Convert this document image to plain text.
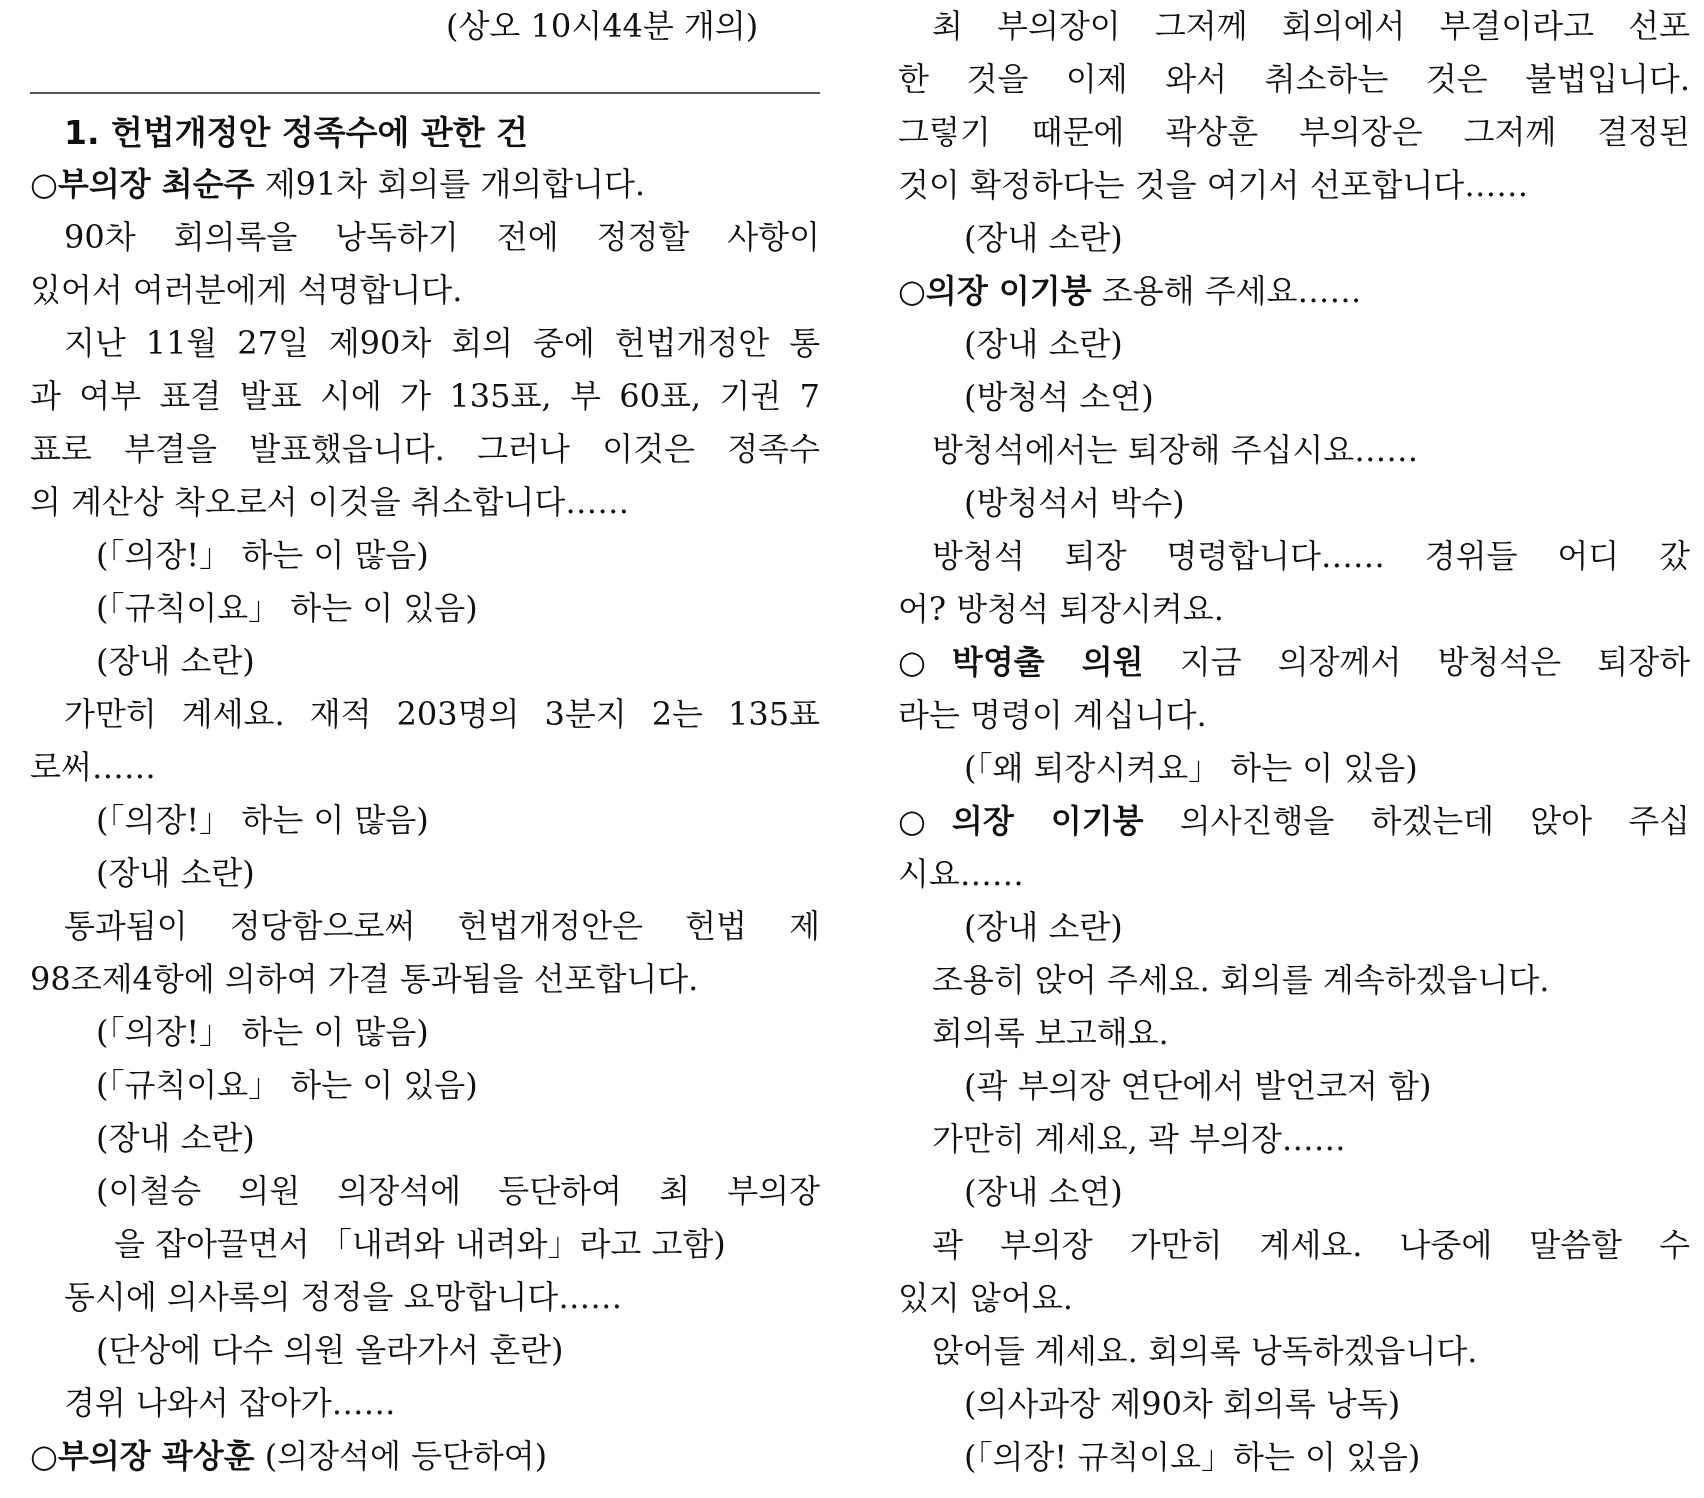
(상오 10시44분 개의)
1. 헌법개정안 정족수에 관한 건
○부의장 최순주 제91차 회의를 개의합니다.
90차 회의록을 낭독하기 전에 정정할 사항이
있어서 여러분에게 석명합니다.
지난 11월 27일 제90차 회의 중에 헌법개정안 통
과 여부 표결 발표 시에 가 135표, 부 60표, 기권 7
표로 부결을 발표했읍니다. 그러나 이것은 정족수
의 계산상 착오로서 이것을 취소합니다……
(「의장!」 하는 이 많음)
(「규칙이요」 하는 이 있음)
(장내 소란)
가만히 계세요. 재적 203명의 3분지 2는 135표
로써……
(「의장!」 하는 이 많음)
(장내 소란)
통과됨이 정당함으로써 헌법개정안은 헌법 제
98조제4항에 의하여 가결 통과됨을 선포합니다.
(「의장!」 하는 이 많음)
(「규칙이요」 하는 이 있음)
(장내 소란)
(이철승 의원 의장석에 등단하여 최 부의장
을 잡아끌면서 「내려와 내려와」라고 고함)
동시에 의사록의 정정을 요망합니다……
(단상에 다수 의원 올라가서 혼란)
경위 나와서 잡아가……
○부의장 곽상훈 (의장석에 등단하여)
최 부의장이 그저께 회의에서 부결이라고 선포
한 것을 이제 와서 취소하는 것은 불법입니다.
그렇기 때문에 곽상훈 부의장은 그저께 결정된
것이 확정하다는 것을 여기서 선포합니다……
(장내 소란)
○의장 이기붕 조용해 주세요……
(장내 소란)
(방청석 소연)
방청석에서는 퇴장해 주십시요……
(방청석서 박수)
방청석 퇴장 명령합니다…… 경위들 어디 갔
어? 방청석 퇴장시켜요.
○박영출 의원 지금 의장께서 방청석은 퇴장하
라는 명령이 계십니다.
(「왜 퇴장시켜요」 하는 이 있음)
○의장 이기붕 의사진행을 하겠는데 앉아 주십
시요……
(장내 소란)
조용히 앉어 주세요. 회의를 계속하겠읍니다.
회의록 보고해요.
(곽 부의장 연단에서 발언코저 함)
가만히 계세요, 곽 부의장……
(장내 소연)
곽 부의장 가만히 계세요. 나중에 말씀할 수
있지 않어요.
앉어들 계세요. 회의록 낭독하겠읍니다.
(의사과장 제90차 회의록 낭독)
(「의장! 규칙이요」하는 이 있음)
